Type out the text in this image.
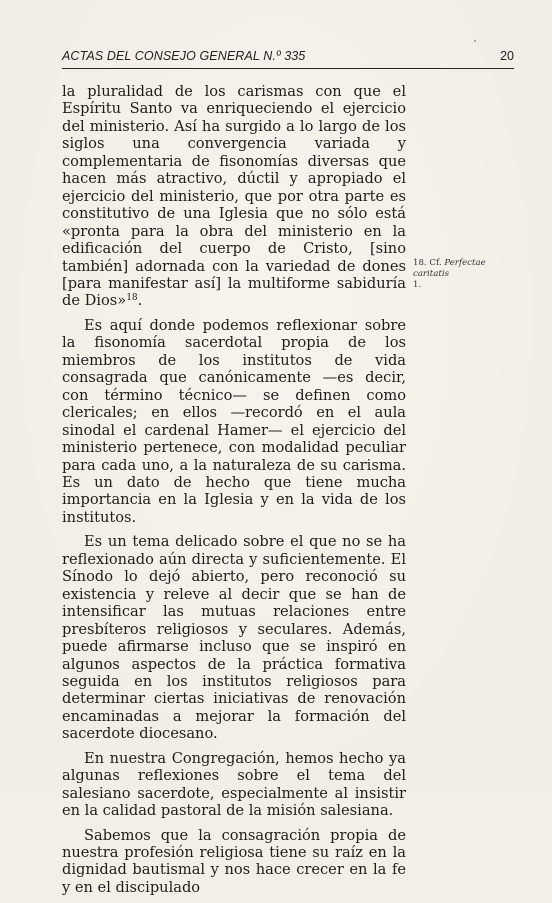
ACTAS DEL CONSEJO GENERAL N.º 335	20

la pluralidad de los carismas con que el Espíritu Santo va enriqueciendo el ejercicio del ministerio. Así ha surgido a lo largo de los siglos una convergencia variada y complementaria de fisonomías diversas que hacen más atractivo, dúctil y apropiado el ejercicio del ministerio, que por otra parte es constitutivo de una Iglesia que no sólo está «pronta para la obra del ministerio en la edificación del cuerpo de Cristo, [sino también] adornada con la variedad de dones [para manifestar así] la multiforme sabiduría de Dios»$^{18}$.

Es aquí donde podemos reflexionar sobre la fisonomía sacerdotal propia de los miembros de los institutos de vida consagrada que canónicamente —es decir, con término técnico— se definen como clericales; en ellos —recordó en el aula sinodal el cardenal Hamer— el ejercicio del ministerio pertenece, con modalidad peculiar para cada uno, a la naturaleza de su carisma. Es un dato de hecho que tiene mucha importancia en la Iglesia y en la vida de los institutos.

Es un tema delicado sobre el que no se ha reflexionado aún directa y suficientemente. El Sínodo lo dejó abierto, pero reconoció su existencia y releve al decir que se han de intensificar las mutuas relaciones entre presbíteros religiosos y seculares. Además, puede afirmarse incluso que se inspiró en algunos aspectos de la práctica formativa seguida en los institutos religiosos para determinar ciertas iniciativas de renovación encaminadas a mejorar la formación del sacerdote diocesano.

En nuestra Congregación, hemos hecho ya algunas reflexiones sobre el tema del salesiano sacerdote, especialmente al insistir en la calidad pastoral de la misión salesiana.

Sabemos que la consagración propia de nuestra profesión religiosa tiene su raíz en la dignidad bautismal y nos hace crecer en la fe y en el discipulado

18. Cf. Perfectae caritatis
1.
